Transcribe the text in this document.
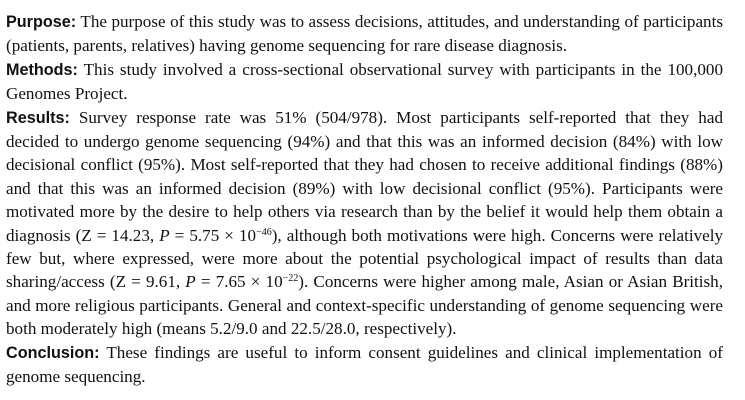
Purpose: The purpose of this study was to assess decisions, attitudes, and understanding of participants (patients, parents, relatives) having genome sequencing for rare disease diagnosis.

Methods: This study involved a cross-sectional observational survey with participants in the 100,000 Genomes Project.

Results: Survey response rate was 51% (504/978). Most participants self-reported that they had decided to undergo genome sequencing (94%) and that this was an informed decision (84%) with low decisional conflict (95%). Most self-reported that they had chosen to receive additional findings (88%) and that this was an informed decision (89%) with low decisional conflict (95%). Participants were motivated more by the desire to help others via research than by the belief it would help them obtain a diagnosis (Z = 14.23, $P = 5.75 \times 10^{-46}$), although both motivations were high. Concerns were relatively few but, where expressed, were more about the potential psychological impact of results than data sharing/access (Z = 9.61, $P = 7.65 \times 10^{-22}$). Concerns were higher among male, Asian or Asian British, and more religious participants. General and context-specific understanding of genome sequencing were both moderately high (means 5.2/9.0 and 22.5/28.0, respectively).

Conclusion: These findings are useful to inform consent guidelines and clinical implementation of genome sequencing.
